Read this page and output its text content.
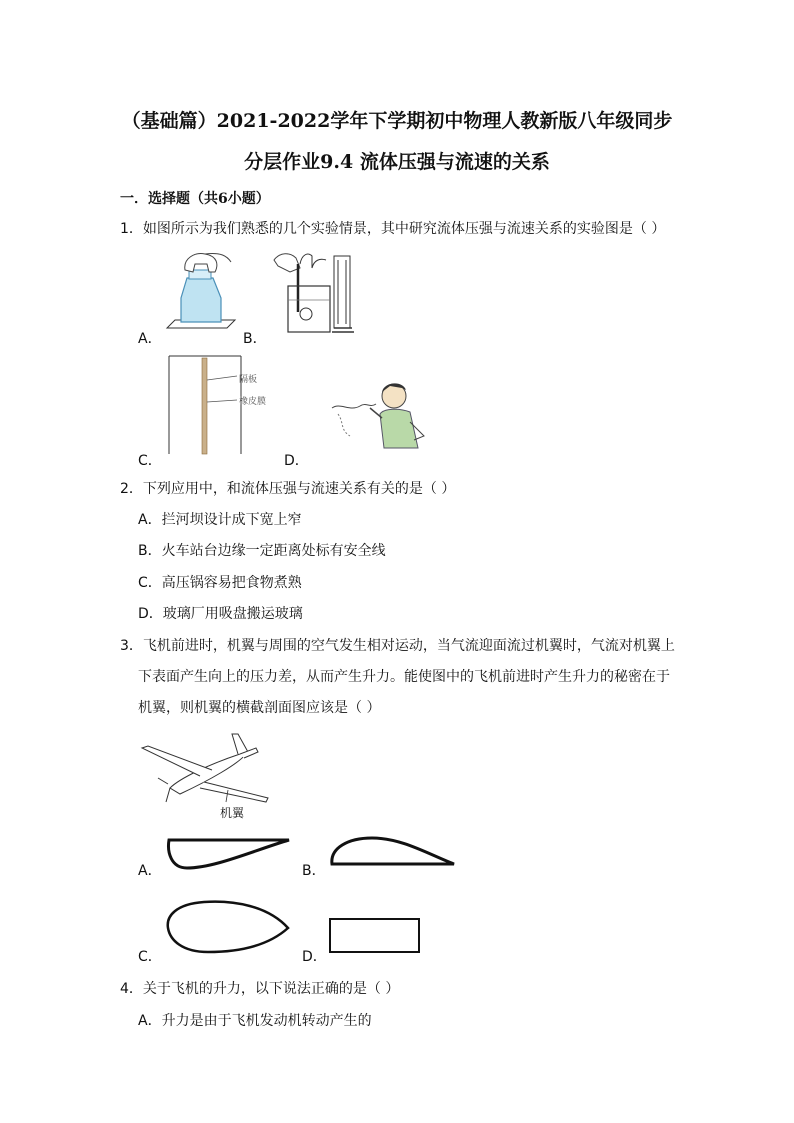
（基础篇）2021-2022学年下学期初中物理人教新版八年级同步
分层作业9.4 流体压强与流速的关系
一．选择题（共6小题）
1．如图所示为我们熟悉的几个实验情景，其中研究流体压强与流速关系的实验图是（ ）
A．	B．
隔板
橡皮膜
C．	D．
2．下列应用中，和流体压强与流速关系有关的是（ ）
A．拦河坝设计成下宽上窄
B．火车站台边缘一定距离处标有安全线
C．高压锅容易把食物煮熟
D．玻璃厂用吸盘搬运玻璃
3．飞机前进时，机翼与周围的空气发生相对运动，当气流迎面流过机翼时，气流对机翼上
下表面产生向上的压力差，从而产生升力。能使图中的飞机前进时产生升力的秘密在于
机翼，则机翼的横截剖面图应该是（ ）
机翼
A．	B．
C．	D．
4．关于飞机的升力，以下说法正确的是（ ）
A．升力是由于飞机发动机转动产生的
